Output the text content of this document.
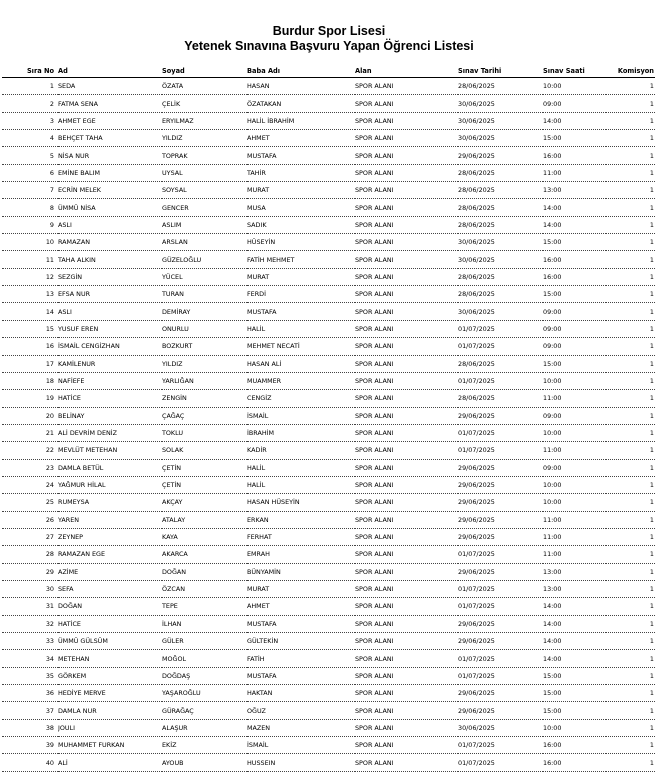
Burdur Spor Lisesi
Yetenek Sınavına Başvuru Yapan Öğrenci Listesi
Sıra No	Ad	Soyad	Baba Adı	Alan	Sınav Tarihi	Sınav Saati	Komisyon
1	SEDA	ÖZATA	HASAN	SPOR ALANI	28/06/2025	10:00	1
2	FATMA SENA	ÇELİK	ÖZATAKAN	SPOR ALANI	30/06/2025	09:00	1
3	AHMET EGE	ERYILMAZ	HALİL İBRAHİM	SPOR ALANI	30/06/2025	14:00	1
4	BEHÇET TAHA	YILDIZ	AHMET	SPOR ALANI	30/06/2025	15:00	1
5	NİSA NUR	TOPRAK	MUSTAFA	SPOR ALANI	29/06/2025	16:00	1
6	EMİNE BALIM	UYSAL	TAHİR	SPOR ALANI	28/06/2025	11:00	1
7	ECRİN MELEK	SOYSAL	MURAT	SPOR ALANI	28/06/2025	13:00	1
8	ÜMMÜ NİSA	GENCER	MUSA	SPOR ALANI	28/06/2025	14:00	1
9	ASLI	ASLIM	SADIK	SPOR ALANI	28/06/2025	14:00	1
10	RAMAZAN	ARSLAN	HÜSEYİN	SPOR ALANI	30/06/2025	15:00	1
11	TAHA ALKIN	GÜZELOĞLU	FATİH MEHMET	SPOR ALANI	30/06/2025	16:00	1
12	SEZGİN	YÜCEL	MURAT	SPOR ALANI	28/06/2025	16:00	1
13	EFSA NUR	TURAN	FERDİ	SPOR ALANI	28/06/2025	15:00	1
14	ASLI	DEMİRAY	MUSTAFA	SPOR ALANI	30/06/2025	09:00	1
15	YUSUF EREN	ONURLU	HALİL	SPOR ALANI	01/07/2025	09:00	1
16	İSMAİL CENGİZHAN	BOZKURT	MEHMET NECATİ	SPOR ALANI	01/07/2025	09:00	1
17	KAMİLENUR	YILDIZ	HASAN ALİ	SPOR ALANI	28/06/2025	15:00	1
18	NAFİEFE	YARLIĞAN	MUAMMER	SPOR ALANI	01/07/2025	10:00	1
19	HATİCE	ZENGİN	CENGİZ	SPOR ALANI	28/06/2025	11:00	1
20	BELİNAY	ÇAĞAÇ	İSMAİL	SPOR ALANI	29/06/2025	09:00	1
21	ALİ DEVRİM DENİZ	TOKLU	İBRAHİM	SPOR ALANI	01/07/2025	10:00	1
22	MEVLÜT METEHAN	SOLAK	KADİR	SPOR ALANI	01/07/2025	11:00	1
23	DAMLA BETÜL	ÇETİN	HALİL	SPOR ALANI	29/06/2025	09:00	1
24	YAĞMUR HİLAL	ÇETİN	HALİL	SPOR ALANI	29/06/2025	10:00	1
25	RUMEYSA	AKÇAY	HASAN HÜSEYİN	SPOR ALANI	29/06/2025	10:00	1
26	YAREN	ATALAY	ERKAN	SPOR ALANI	29/06/2025	11:00	1
27	ZEYNEP	KAYA	FERHAT	SPOR ALANI	29/06/2025	11:00	1
28	RAMAZAN EGE	AKARCA	EMRAH	SPOR ALANI	01/07/2025	11:00	1
29	AZİME	DOĞAN	BÜNYAMİN	SPOR ALANI	29/06/2025	13:00	1
30	SEFA	ÖZCAN	MURAT	SPOR ALANI	01/07/2025	13:00	1
31	DOĞAN	TEPE	AHMET	SPOR ALANI	01/07/2025	14:00	1
32	HATİCE	İLHAN	MUSTAFA	SPOR ALANI	29/06/2025	14:00	1
33	ÜMMÜ GÜLSÜM	GÜLER	GÜLTEKİN	SPOR ALANI	29/06/2025	14:00	1
34	METEHAN	MOĞOL	FATİH	SPOR ALANI	01/07/2025	14:00	1
35	GÖRKEM	DOĞDAŞ	MUSTAFA	SPOR ALANI	01/07/2025	15:00	1
36	HEDİYE MERVE	YAŞAROĞLU	HAKTAN	SPOR ALANI	29/06/2025	15:00	1
37	DAMLA NUR	GÜRAĞAÇ	OĞUZ	SPOR ALANI	29/06/2025	15:00	1
38	JOULI	ALAŞUR	MAZEN	SPOR ALANI	30/06/2025	10:00	1
39	MUHAMMET FURKAN	EKİZ	İSMAİL	SPOR ALANI	01/07/2025	16:00	1
40	ALİ	AYOUB	HUSSEIN	SPOR ALANI	01/07/2025	16:00	1
